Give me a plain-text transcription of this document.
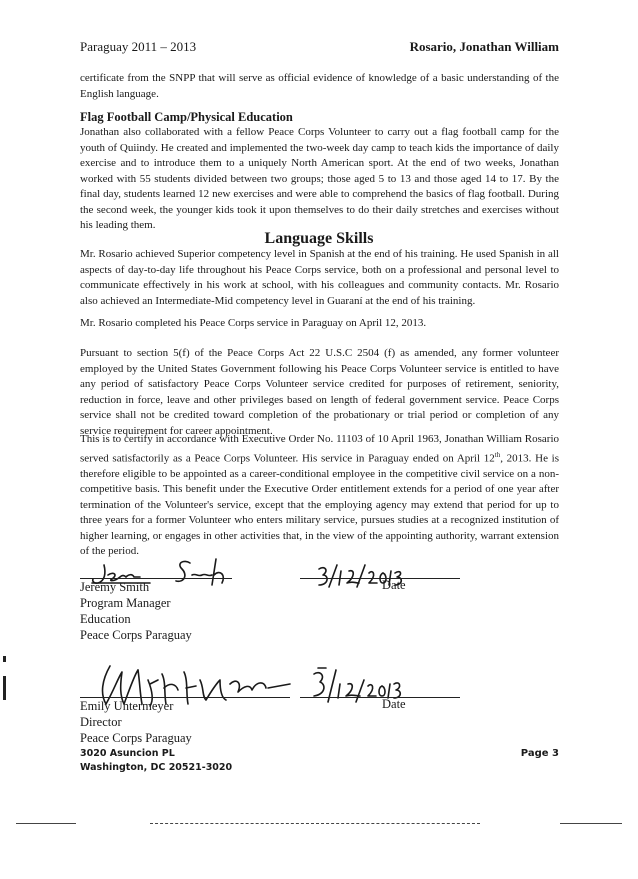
Paraguay 2011 – 2013	Rosario, Jonathan William
certificate from the SNPP that will serve as official evidence of knowledge of a basic understanding of the English language.
Flag Football Camp/Physical Education
Jonathan also collaborated with a fellow Peace Corps Volunteer to carry out a flag football camp for the youth of Quiindy. He created and implemented the two-week day camp to teach kids the importance of daily exercise and to introduce them to a uniquely North American sport. At the end of two weeks, Jonathan worked with 55 students divided between two groups; those aged 5 to 13 and those aged 14 to 17. By the final day, students learned 12 new exercises and were able to comprehend the basics of flag football. During the second week, the younger kids took it upon themselves to do their daily stretches and exercises without his leading them.
Language Skills
Mr. Rosario achieved Superior competency level in Spanish at the end of his training. He used Spanish in all aspects of day-to-day life throughout his Peace Corps service, both on a professional and personal level to communicate effectively in his work at school, with his colleagues and community contacts. Mr. Rosario also achieved an Intermediate-Mid competency level in Guaraní at the end of his training.
Mr. Rosario completed his Peace Corps service in Paraguay on April 12, 2013.
Pursuant to section 5(f) of the Peace Corps Act 22 U.S.C 2504 (f) as amended, any former volunteer employed by the United States Government following his Peace Corps Volunteer service is entitled to have any period of satisfactory Peace Corps Volunteer service credited for purposes of retirement, seniority, reduction in force, leave and other privileges based on length of federal government service. Peace Corps service shall not be credited toward completion of the probationary or trial period or completion of any service requirement for career appointment.
This is to certify in accordance with Executive Order No. 11103 of 10 April 1963, Jonathan William Rosario served satisfactorily as a Peace Corps Volunteer. His service in Paraguay ended on April 12th, 2013. He is therefore eligible to be appointed as a career-conditional employee in the competitive civil service on a non-competitive basis. This benefit under the Executive Order entitlement extends for a period of one year after termination of the Volunteer's service, except that the employing agency may extend that period for up to three years for a former Volunteer who enters military service, pursues studies at a recognized institution of higher learning, or engages in other activities that, in the view of the appointing authority, warrant extension of the period.
Date
Jeremy Smith
Program Manager
Education
Peace Corps Paraguay
Date
Emily Untermeyer
Director
Peace Corps Paraguay
3020 Asuncion PL
Washington, DC 20521-3020
Page 3
